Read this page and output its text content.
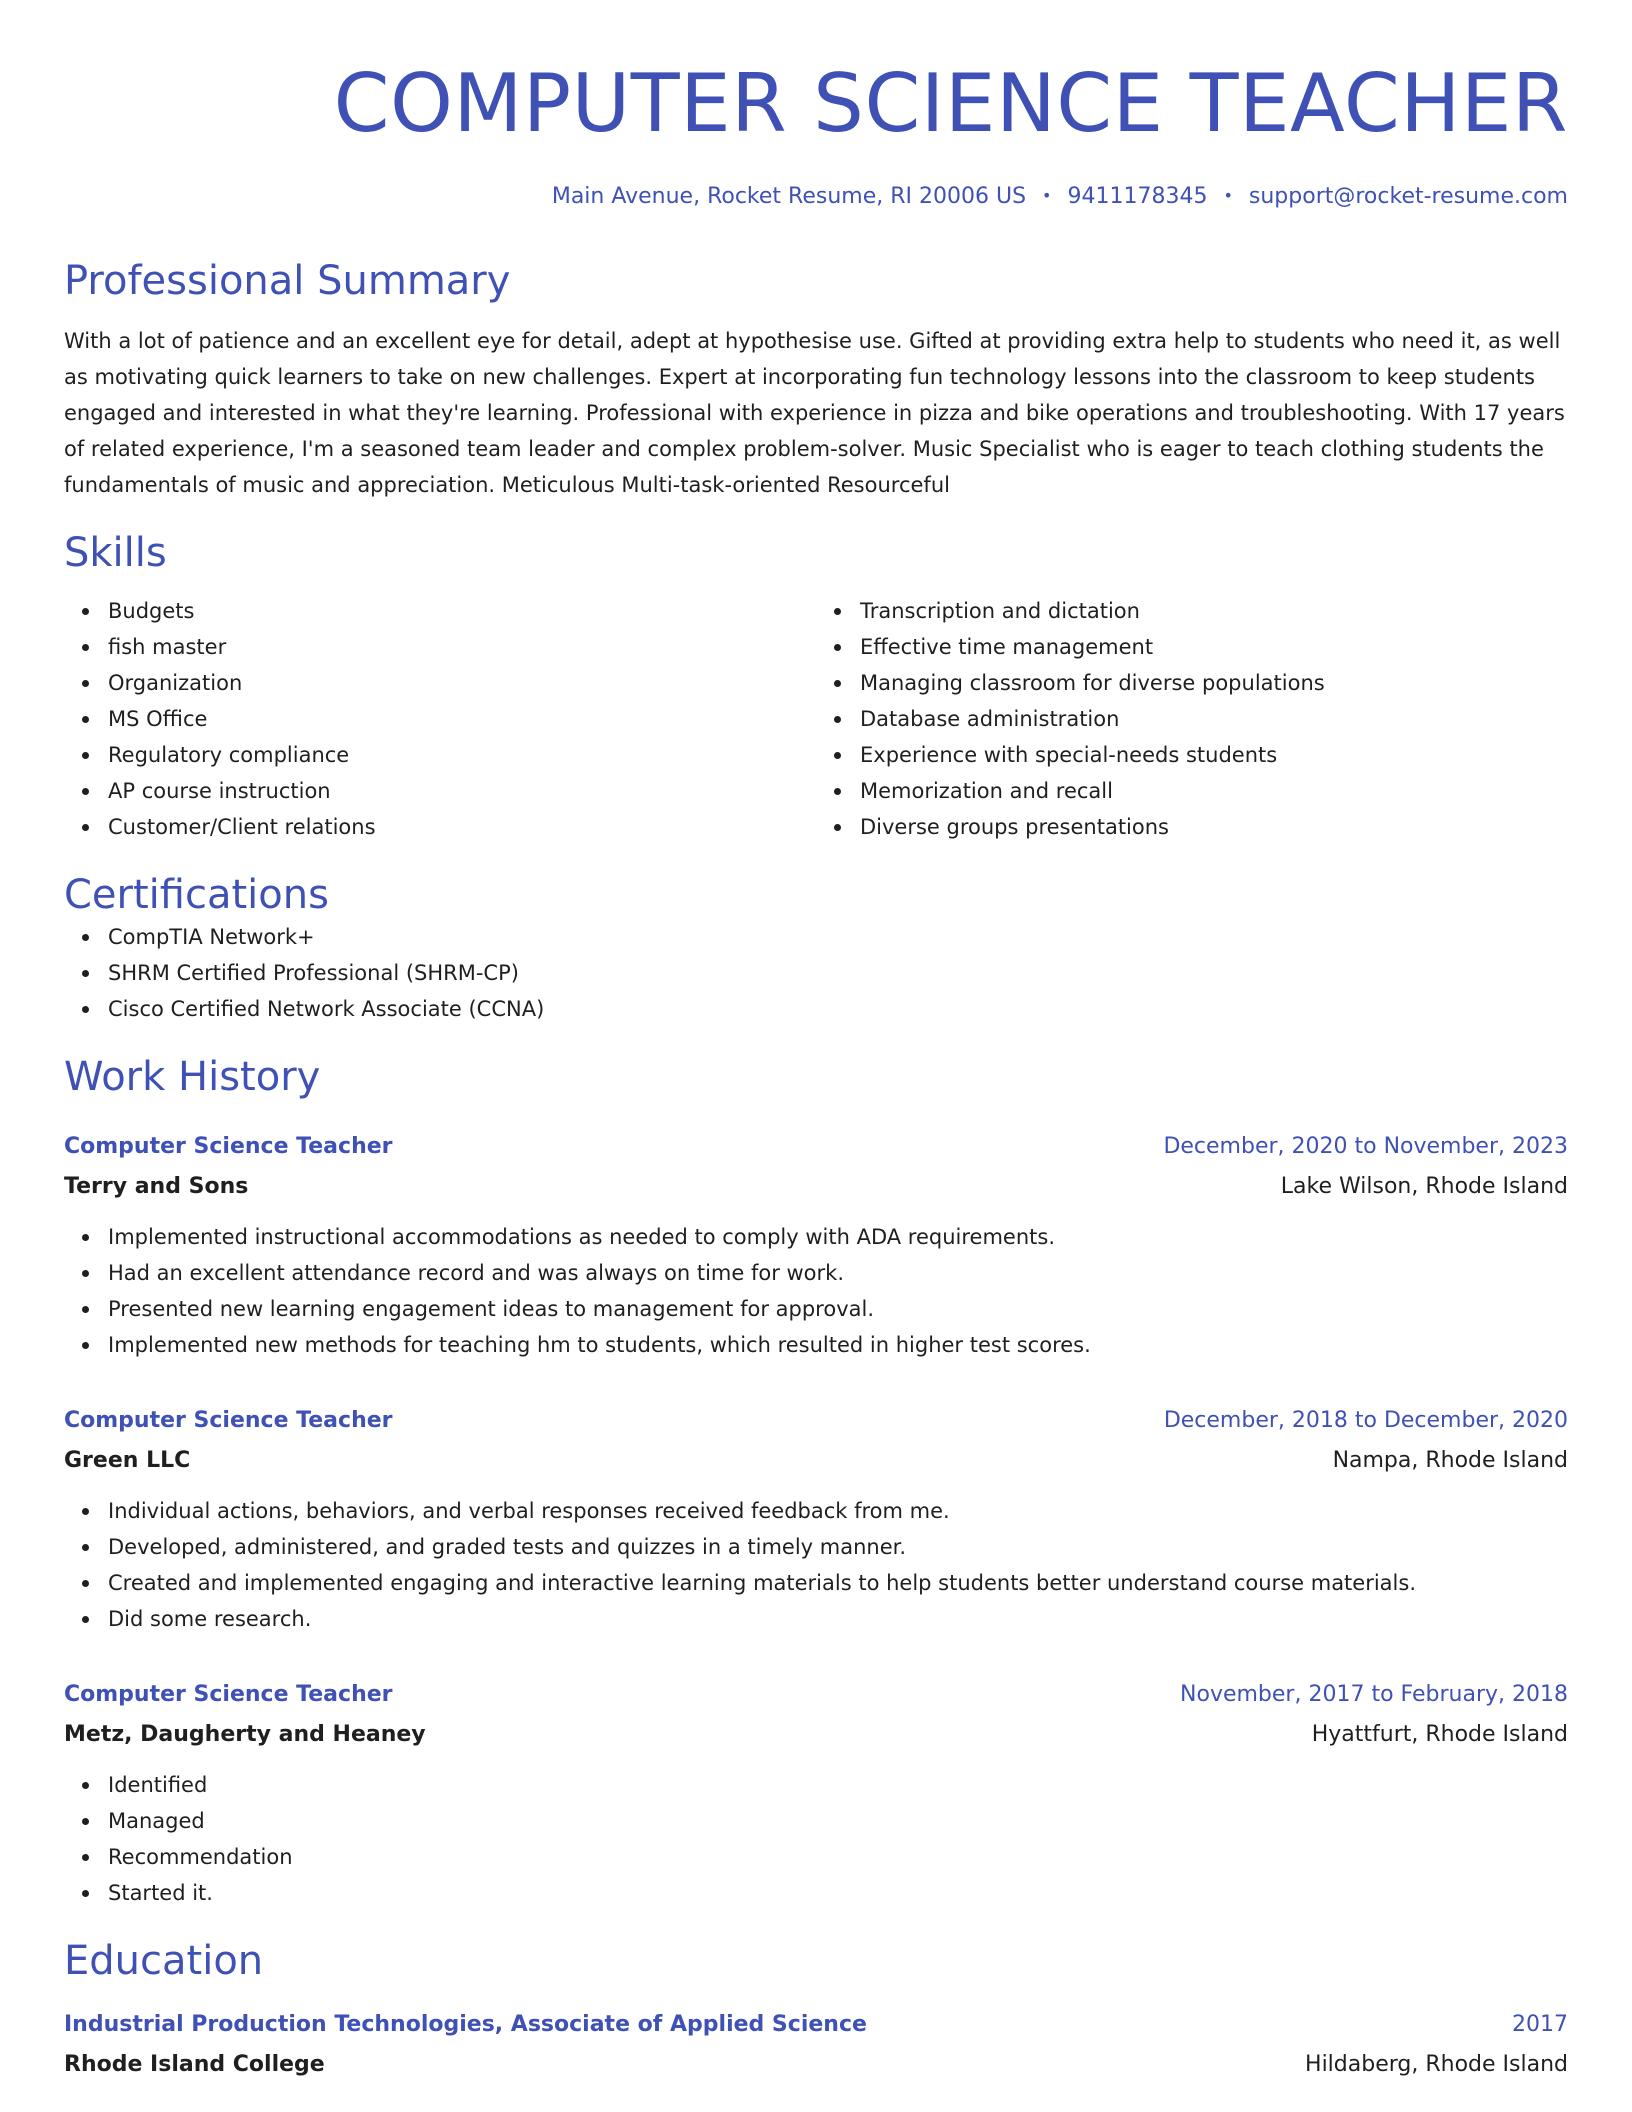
COMPUTER SCIENCE TEACHER
Main Avenue, Rocket Resume, RI 20006 US • 9411178345 • support@rocket-resume.com
Professional Summary
With a lot of patience and an excellent eye for detail, adept at hypothesise use. Gifted at providing extra help to students who need it, as well as motivating quick learners to take on new challenges. Expert at incorporating fun technology lessons into the classroom to keep students engaged and interested in what they're learning. Professional with experience in pizza and bike operations and troubleshooting. With 17 years of related experience, I'm a seasoned team leader and complex problem-solver. Music Specialist who is eager to teach clothing students the fundamentals of music and appreciation. Meticulous Multi-task-oriented Resourceful
Skills
Budgets
fish master
Organization
MS Office
Regulatory compliance
AP course instruction
Customer/Client relations
Transcription and dictation
Effective time management
Managing classroom for diverse populations
Database administration
Experience with special-needs students
Memorization and recall
Diverse groups presentations
Certifications
CompTIA Network+
SHRM Certified Professional (SHRM-CP)
Cisco Certified Network Associate (CCNA)
Work History
Computer Science Teacher	December, 2020 to November, 2023
Terry and Sons	Lake Wilson, Rhode Island
Implemented instructional accommodations as needed to comply with ADA requirements.
Had an excellent attendance record and was always on time for work.
Presented new learning engagement ideas to management for approval.
Implemented new methods for teaching hm to students, which resulted in higher test scores.
Computer Science Teacher	December, 2018 to December, 2020
Green LLC	Nampa, Rhode Island
Individual actions, behaviors, and verbal responses received feedback from me.
Developed, administered, and graded tests and quizzes in a timely manner.
Created and implemented engaging and interactive learning materials to help students better understand course materials.
Did some research.
Computer Science Teacher	November, 2017 to February, 2018
Metz, Daugherty and Heaney	Hyattfurt, Rhode Island
Identified
Managed
Recommendation
Started it.
Education
Industrial Production Technologies, Associate of Applied Science	2017
Rhode Island College	Hildaberg, Rhode Island
